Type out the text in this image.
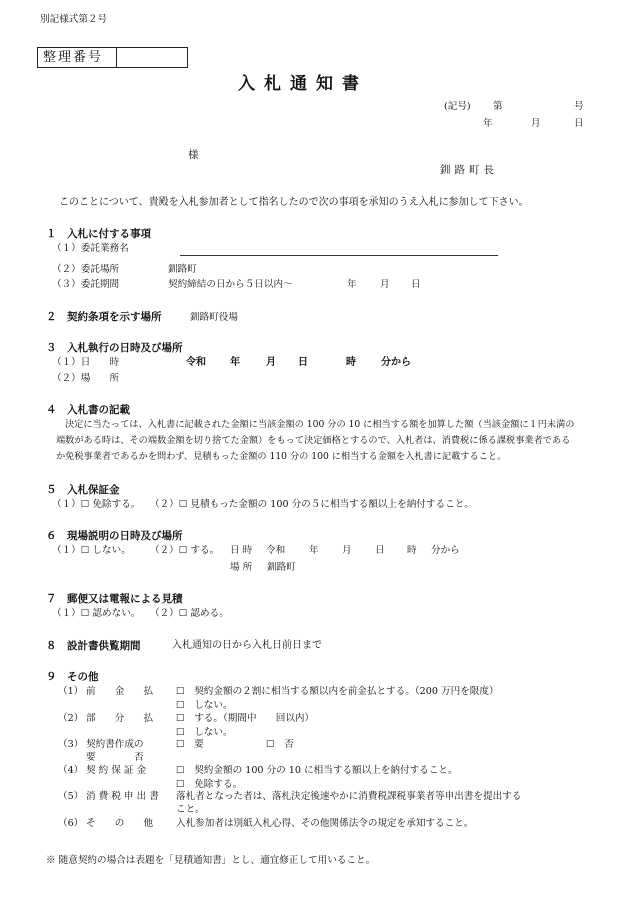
別記様式第２号
整理番号
入札通知書
(記号) 第	号
年	月	日
様
釧路町長
このことについて、貴殿を入札参加者として指名したので次の事項を承知のうえ入札に参加して下さい。
１　入札に付する事項
（１）委託業務名
（２）委託場所	釧路町
（３）委託期間	契約締結の日から５日以内～	年 月 日
２　契約条項を示す場所	釧路町役場
３　入札執行の日時及び場所
（１）日　　時	令和 年	月 日	時	分から
（２）場　　所
４　入札書の記載
決定に当たっては、入札書に記載された金額に当該金額の 100 分の 10 に相当する額を加算した額（当該金額に１円未満の
端数がある時は、その端数金額を切り捨てた金額）をもって決定価格とするので、入札者は、消費税に係る課税事業者である
か免税事業者であるかを問わず、見積もった金額の 110 分の 100 に相当する金額を入札書に記載すること。
５　入札保証金
（１）☐ 免除する。 （２）☐ 見積もった金額の 100 分の５に相当する額以上を納付すること。
６　現場説明の日時及び場所
（１）☐ しない。 （２）☐ する。 日 時 令和 年 月 日 時 分から
場 所 釧路町
７　郵便又は電報による見積
（１）☐ 認めない。 （２）☐ 認める。
８　設計書供覧期間	入札通知の日から入札日前日まで
９　その他
（1） 前　　金　　払 ☐　契約金額の２割に相当する額以内を前金払とする。（200 万円を限度）
☐　しない。
（2） 部　　分　　払 ☐　する。（期間中　　回以内）
☐　しない。
（3） 契約書作成の
要　　　　否
☐　要	☐　否
（4） 契 約 保 証 金	☐　契約金額の 100 分の 10 に相当する額以上を納付すること。
☐　免除する。
（5） 消 費 税 申 出 書 落札者となった者は、落札決定後速やかに消費税課税事業者等申出書を提出する
こと。
（6） そ　　の　　他 入札参加者は別紙入札心得、その他関係法令の規定を承知すること。
※ 随意契約の場合は表題を「見積通知書」とし、適宜修正して用いること。
